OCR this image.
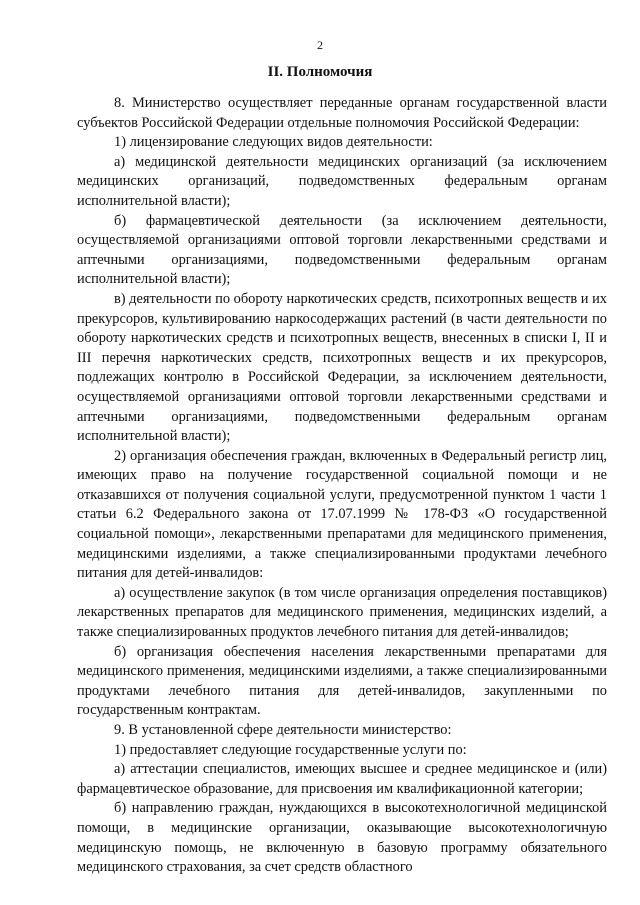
2
II. Полномочия

8. Министерство осуществляет переданные органам государственной власти субъектов Российской Федерации отдельные полномочия Российской Федерации:

1) лицензирование следующих видов деятельности:

а) медицинской деятельности медицинских организаций (за исключением медицинских организаций, подведомственных федеральным органам исполнительной власти);

б) фармацевтической деятельности (за исключением деятельности, осуществляемой организациями оптовой торговли лекарственными средствами и аптечными организациями, подведомственными федеральным органам исполнительной власти);

в) деятельности по обороту наркотических средств, психотропных веществ и их прекурсоров, культивированию наркосодержащих растений (в части деятельности по обороту наркотических средств и психотропных веществ, внесенных в списки I, II и III перечня наркотических средств, психотропных веществ и их прекурсоров, подлежащих контролю в Российской Федерации, за исключением деятельности, осуществляемой организациями оптовой торговли лекарственными средствами и аптечными организациями, подведомственными федеральным органам исполнительной власти);

2) организация обеспечения граждан, включенных в Федеральный регистр лиц, имеющих право на получение государственной социальной помощи и не отказавшихся от получения социальной услуги, предусмотренной пунктом 1 части 1 статьи 6.2 Федерального закона от 17.07.1999 № 178-ФЗ «О государственной социальной помощи», лекарственными препаратами для медицинского применения, медицинскими изделиями, а также специализированными продуктами лечебного питания для детей-инвалидов:

а) осуществление закупок (в том числе организация определения поставщиков) лекарственных препаратов для медицинского применения, медицинских изделий, а также специализированных продуктов лечебного питания для детей-инвалидов;

б) организация обеспечения населения лекарственными препаратами для медицинского применения, медицинскими изделиями, а также специализированными продуктами лечебного питания для детей-инвалидов, закупленными по государственным контрактам.

9. В установленной сфере деятельности министерство:

1) предоставляет следующие государственные услуги по:

а) аттестации специалистов, имеющих высшее и среднее медицинское и (или) фармацевтическое образование, для присвоения им квалификационной категории;

б) направлению граждан, нуждающихся в высокотехнологичной медицинской помощи, в медицинские организации, оказывающие высокотехнологичную медицинскую помощь, не включенную в базовую программу обязательного медицинского страхования, за счет средств областного
